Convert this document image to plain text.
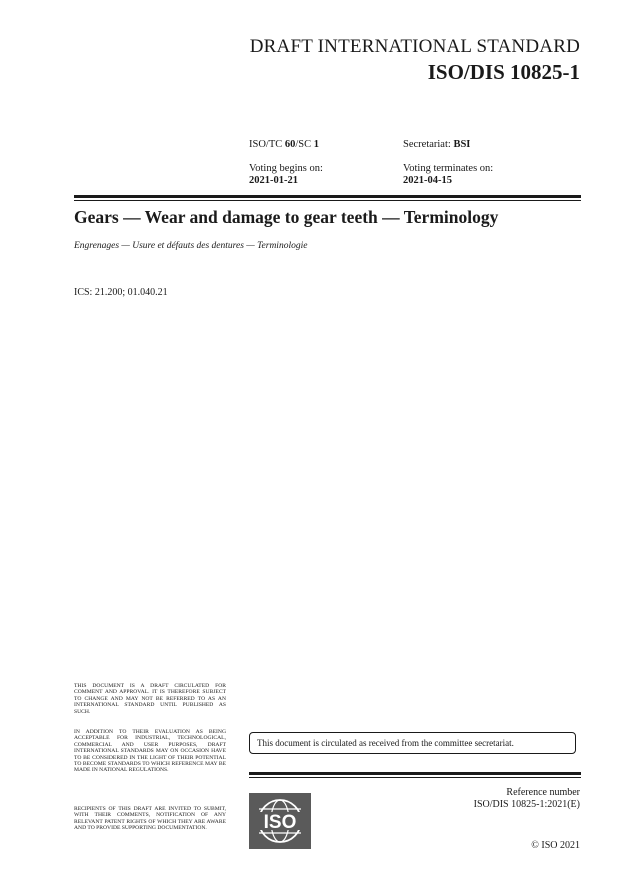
DRAFT INTERNATIONAL STANDARD
ISO/DIS 10825-1
ISO/TC 60/SC 1	Secretariat: BSI
Voting begins on:
2021-01-21
Voting terminates on:
2021-04-15
Gears — Wear and damage to gear teeth — Terminology
Engrenages — Usure et défauts des dentures — Terminologie
ICS: 21.200; 01.040.21
THIS DOCUMENT IS A DRAFT CIRCULATED FOR COMMENT AND APPROVAL. IT IS THEREFORE SUBJECT TO CHANGE AND MAY NOT BE REFERRED TO AS AN INTERNATIONAL STANDARD UNTIL PUBLISHED AS SUCH.
IN ADDITION TO THEIR EVALUATION AS BEING ACCEPTABLE FOR INDUSTRIAL, TECHNOLOGICAL, COMMERCIAL AND USER PURPOSES, DRAFT INTERNATIONAL STANDARDS MAY ON OCCASION HAVE TO BE CONSIDERED IN THE LIGHT OF THEIR POTENTIAL TO BECOME STANDARDS TO WHICH REFERENCE MAY BE MADE IN NATIONAL REGULATIONS.
RECIPIENTS OF THIS DRAFT ARE INVITED TO SUBMIT, WITH THEIR COMMENTS, NOTIFICATION OF ANY RELEVANT PATENT RIGHTS OF WHICH THEY ARE AWARE AND TO PROVIDE SUPPORTING DOCUMENTATION.
This document is circulated as received from the committee secretariat.
Reference number
ISO/DIS 10825-1:2021(E)
ISO
© ISO 2021
